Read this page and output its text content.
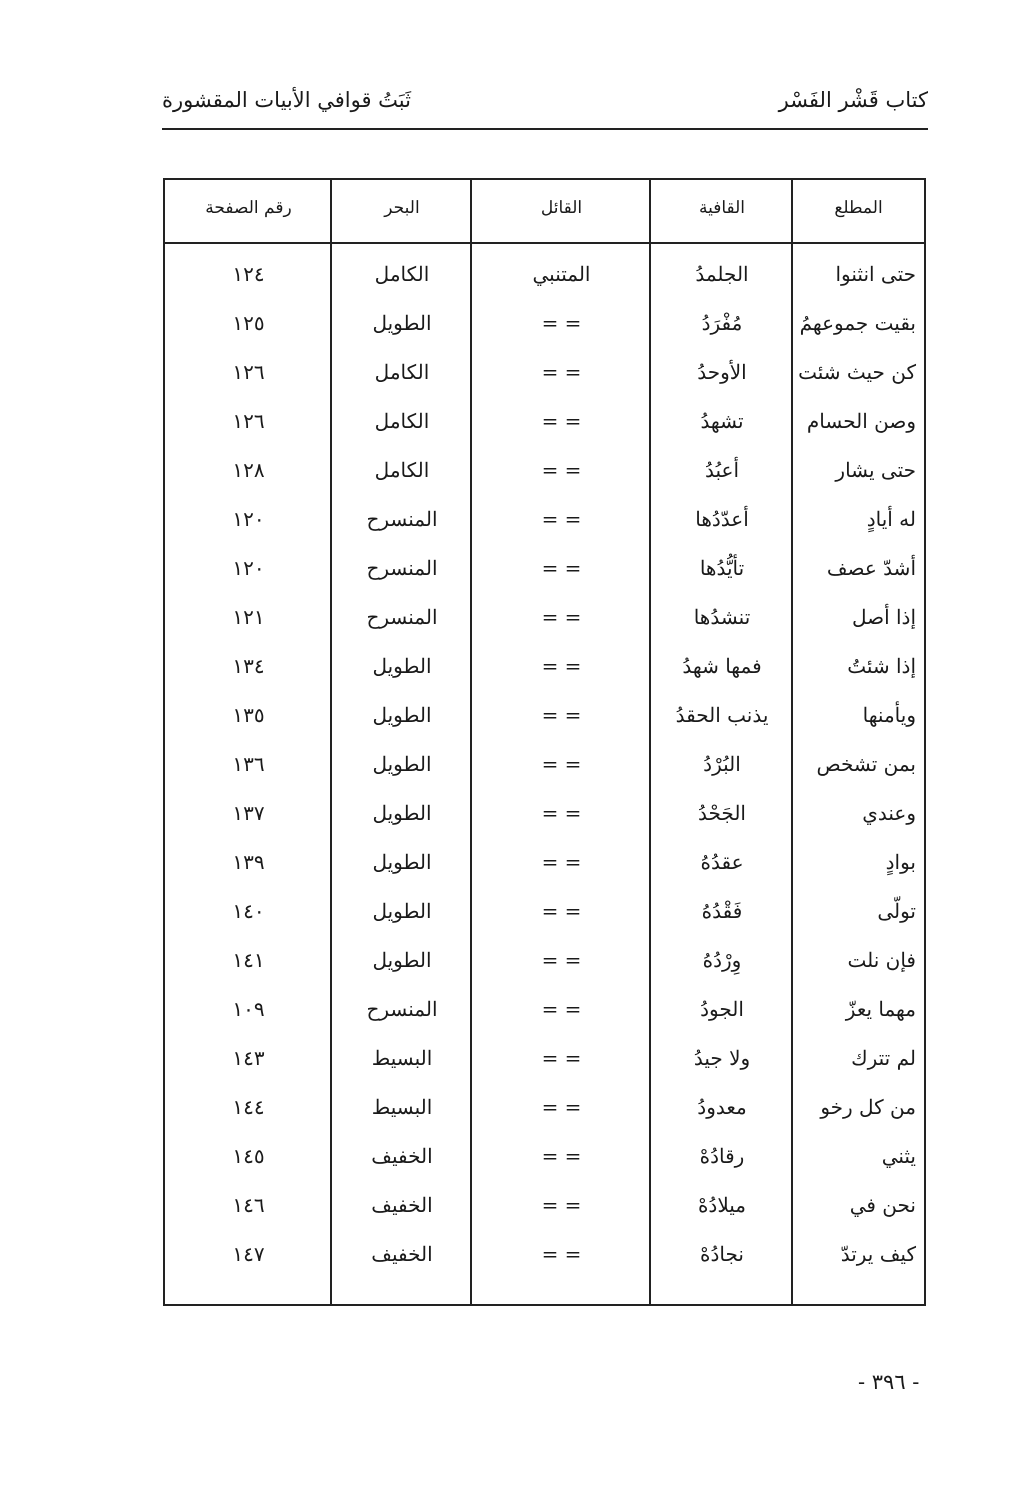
كتاب قَشْر الفَسْر
ثَبَتُ قوافي الأبيات المقشورة
المطلع
القافية
القائل
البحر
رقم الصفحة
حتى انثنوا
الجلمدُ
المتنبي
الكامل
١٢٤
بقيت جموعهمُ
مُفْرَدُ
= =
الطويل
١٢٥
كن حيث شئت
الأوحدُ
= =
الكامل
١٢٦
وصن الحسام
تشهدُ
= =
الكامل
١٢٦
حتى يشار
أعبُدُ
= =
الكامل
١٢٨
له أيادٍ
أعدّدُها
= =
المنسرح
١٢٠
أشدّ عصف
تأيُّدُها
= =
المنسرح
١٢٠
إذا أصل
تنشدُها
= =
المنسرح
١٢١
إذا شئتُ
فمها شهدُ
= =
الطويل
١٣٤
ويأمنها
يذنب الحقدُ
= =
الطويل
١٣٥
بمن تشخص
البُرْدُ
= =
الطويل
١٣٦
وعندي
الجَحْدُ
= =
الطويل
١٣٧
بوادٍ
عقدُهُ
= =
الطويل
١٣٩
تولّى
فَقْدُهُ
= =
الطويل
١٤٠
فإن نلت
وِرْدُهُ
= =
الطويل
١٤١
مهما يعزّ
الجودُ
= =
المنسرح
١٠٩
لم تترك
ولا جيدُ
= =
البسيط
١٤٣
من كل رخو
معدودُ
= =
البسيط
١٤٤
يثني
رقادُهْ
= =
الخفيف
١٤٥
نحن في
ميلادُهْ
= =
الخفيف
١٤٦
كيف يرتدّ
نجادُهْ
= =
الخفيف
١٤٧
- ٣٩٦ -
